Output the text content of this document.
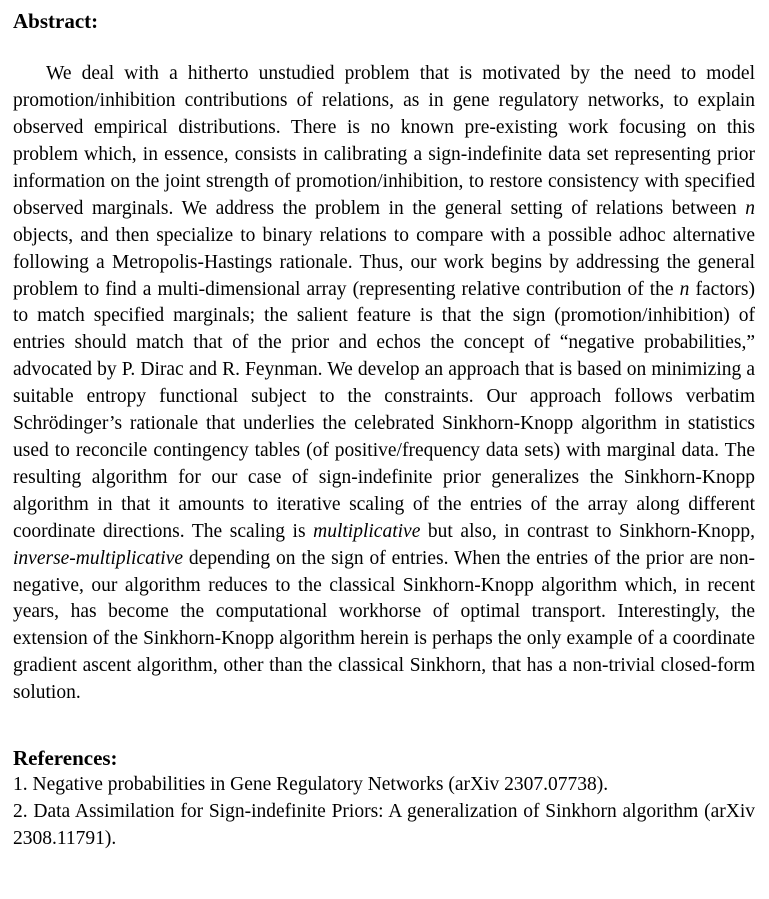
Abstract:

We deal with a hitherto unstudied problem that is motivated by the need to model promotion/inhibition contributions of relations, as in gene regulatory networks, to explain observed empirical distributions. There is no known pre-existing work focusing on this problem which, in essence, consists in calibrating a sign-indefinite data set representing prior information on the joint strength of promotion/inhibition, to restore consistency with specified observed marginals. We address the problem in the general setting of relations between n objects, and then specialize to binary relations to compare with a possible adhoc alternative following a Metropolis-Hastings rationale. Thus, our work begins by addressing the general problem to find a multi-dimensional array (representing relative contribution of the n factors) to match specified marginals; the salient feature is that the sign (promotion/inhibition) of entries should match that of the prior and echos the concept of “negative probabilities,” advocated by P. Dirac and R. Feynman. We develop an approach that is based on minimizing a suitable entropy functional subject to the constraints. Our approach follows verbatim Schrödinger’s rationale that underlies the celebrated Sinkhorn-Knopp algorithm in statistics used to reconcile contingency tables (of positive/frequency data sets) with marginal data. The resulting algorithm for our case of sign-indefinite prior generalizes the Sinkhorn-Knopp algorithm in that it amounts to iterative scaling of the entries of the array along different coordinate directions. The scaling is multiplicative but also, in contrast to Sinkhorn-Knopp, inverse-multiplicative depending on the sign of entries. When the entries of the prior are non-negative, our algorithm reduces to the classical Sinkhorn-Knopp algorithm which, in recent years, has become the computational workhorse of optimal transport. Interestingly, the extension of the Sinkhorn-Knopp algorithm herein is perhaps the only example of a coordinate gradient ascent algorithm, other than the classical Sinkhorn, that has a non-trivial closed-form solution.

References:
1. Negative probabilities in Gene Regulatory Networks (arXiv 2307.07738).
2. Data Assimilation for Sign-indefinite Priors: A generalization of Sinkhorn algorithm (arXiv 2308.11791).
